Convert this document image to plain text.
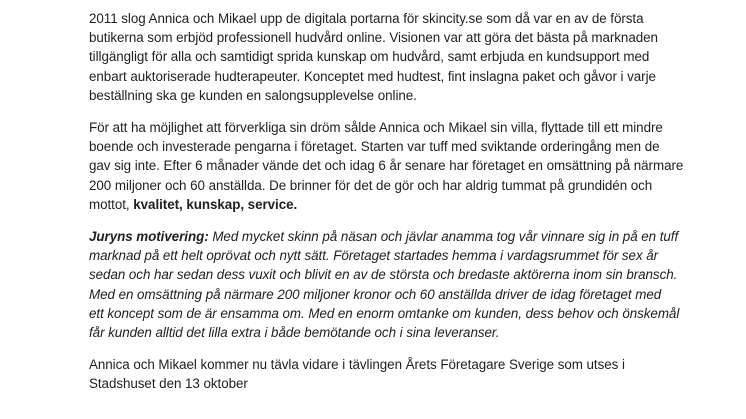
2011 slog Annica och Mikael upp de digitala portarna för skincity.se som då var en av de första
butikerna som erbjöd professionell hudvård online. Visionen var att göra det bästa på marknaden
tillgängligt för alla och samtidigt sprida kunskap om hudvård, samt erbjuda en kundsupport med
enbart auktoriserade hudterapeuter. Konceptet med hudtest, fint inslagna paket och gåvor i varje
beställning ska ge kunden en salongsupplevelse online.

För att ha möjlighet att förverkliga sin dröm sålde Annica och Mikael sin villa, flyttade till ett mindre
boende och investerade pengarna i företaget. Starten var tuff med sviktande orderingång men de
gav sig inte. Efter 6 månader vände det och idag 6 år senare har företaget en omsättning på närmare
200 miljoner och 60 anställda. De brinner för det de gör och har aldrig tummat på grundidén och
mottot, kvalitet, kunskap, service.

Juryns motivering: Med mycket skinn på näsan och jävlar anamma tog vår vinnare sig in på en tuff
marknad på ett helt oprövat och nytt sätt. Företaget startades hemma i vardagsrummet för sex år
sedan och har sedan dess vuxit och blivit en av de största och bredaste aktörerna inom sin bransch.
Med en omsättning på närmare 200 miljoner kronor och 60 anställda driver de idag företaget med
ett koncept som de är ensamma om. Med en enorm omtanke om kunden, dess behov och önskemål
får kunden alltid det lilla extra i både bemötande och i sina leveranser.

Annica och Mikael kommer nu tävla vidare i tävlingen Årets Företagare Sverige som utses i
Stadshuset den 13 oktober
